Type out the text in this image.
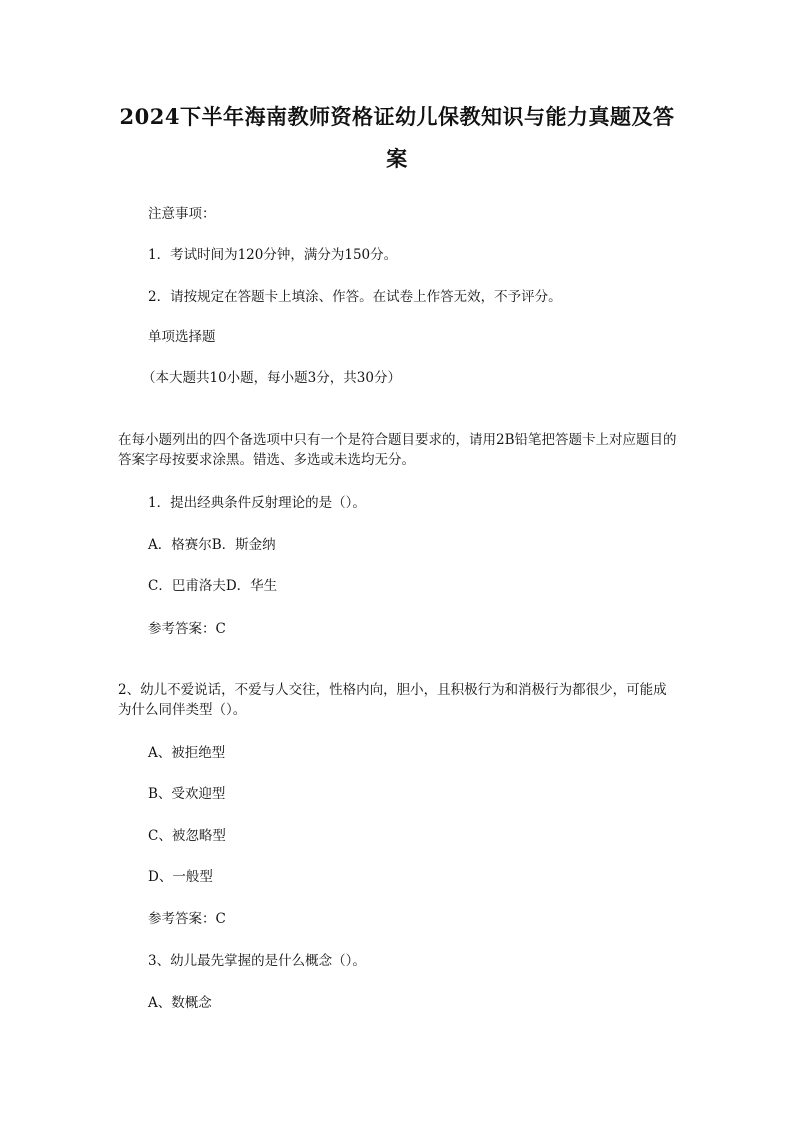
2024下半年海南教师资格证幼儿保教知识与能力真题及答案
注意事项：
1．考试时间为120分钟，满分为150分。
2．请按规定在答题卡上填涂、作答。在试卷上作答无效，不予评分。
单项选择题
（本大题共10小题，每小题3分，共30分）
在每小题列出的四个备选项中只有一个是符合题目要求的，请用2B铅笔把答题卡上对应题目的答案字母按要求涂黑。错选、多选或未选均无分。
1．提出经典条件反射理论的是（）。
A．格赛尔B．斯金纳
C．巴甫洛夫D．华生
参考答案：C
2、幼儿不爱说话，不爱与人交往，性格内向，胆小，且积极行为和消极行为都很少，可能成为什么同伴类型（）。
A、被拒绝型
B、受欢迎型
C、被忽略型
D、一般型
参考答案：C
3、幼儿最先掌握的是什么概念（）。
A、数概念
